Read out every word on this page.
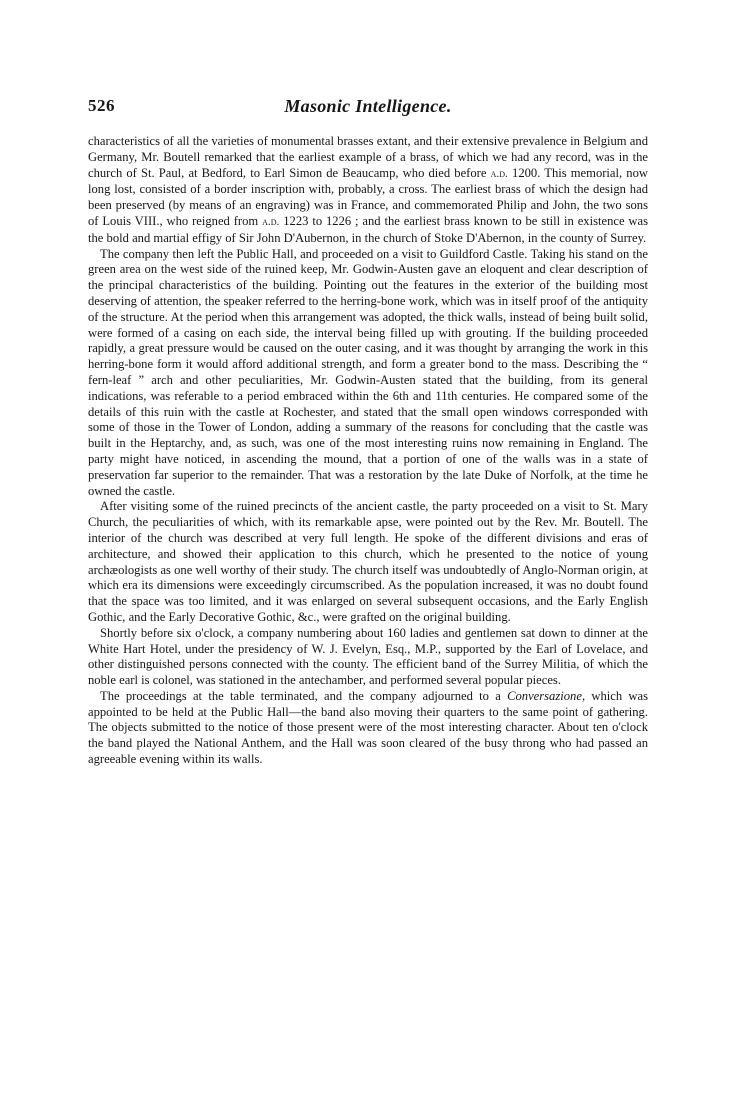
526	Masonic Intelligence.

characteristics of all the varieties of monumental brasses extant, and their extensive prevalence in Belgium and Germany, Mr. Boutell remarked that the earliest example of a brass, of which we had any record, was in the church of St. Paul, at Bedford, to Earl Simon de Beaucamp, who died before a.d. 1200. This memorial, now long lost, consisted of a border inscription with, probably, a cross. The earliest brass of which the design had been preserved (by means of an engraving) was in France, and commemorated Philip and John, the two sons of Louis VIII., who reigned from a.d. 1223 to 1226 ; and the earliest brass known to be still in existence was the bold and martial effigy of Sir John D'Aubernon, in the church of Stoke D'Abernon, in the county of Surrey.

The company then left the Public Hall, and proceeded on a visit to Guildford Castle. Taking his stand on the green area on the west side of the ruined keep, Mr. Godwin-Austen gave an eloquent and clear description of the principal characteristics of the building. Pointing out the features in the exterior of the building most deserving of attention, the speaker referred to the herring-bone work, which was in itself proof of the antiquity of the structure. At the period when this arrangement was adopted, the thick walls, instead of being built solid, were formed of a casing on each side, the interval being filled up with grouting. If the building proceeded rapidly, a great pressure would be caused on the outer casing, and it was thought by arranging the work in this herring-bone form it would afford additional strength, and form a greater bond to the mass. Describing the “ fern-leaf ” arch and other peculiarities, Mr. Godwin-Austen stated that the building, from its general indications, was referable to a period embraced within the 6th and 11th centuries. He compared some of the details of this ruin with the castle at Rochester, and stated that the small open windows corresponded with some of those in the Tower of London, adding a summary of the reasons for concluding that the castle was built in the Heptarchy, and, as such, was one of the most interesting ruins now remaining in England. The party might have noticed, in ascending the mound, that a portion of one of the walls was in a state of preservation far superior to the remainder. That was a restoration by the late Duke of Norfolk, at the time he owned the castle.

After visiting some of the ruined precincts of the ancient castle, the party proceeded on a visit to St. Mary Church, the peculiarities of which, with its remarkable apse, were pointed out by the Rev. Mr. Boutell. The interior of the church was described at very full length. He spoke of the different divisions and eras of architecture, and showed their application to this church, which he presented to the notice of young archæologists as one well worthy of their study. The church itself was undoubtedly of Anglo-Norman origin, at which era its dimensions were exceedingly circumscribed. As the population increased, it was no doubt found that the space was too limited, and it was enlarged on several subsequent occasions, and the Early English Gothic, and the Early Decorative Gothic, &c., were grafted on the original building.

Shortly before six o'clock, a company numbering about 160 ladies and gentlemen sat down to dinner at the White Hart Hotel, under the presidency of W. J. Evelyn, Esq., M.P., supported by the Earl of Lovelace, and other distinguished persons connected with the county. The efficient band of the Surrey Militia, of which the noble earl is colonel, was stationed in the antechamber, and performed several popular pieces.

The proceedings at the table terminated, and the company adjourned to a Conversazione, which was appointed to be held at the Public Hall—the band also moving their quarters to the same point of gathering. The objects submitted to the notice of those present were of the most interesting character. About ten o'clock the band played the National Anthem, and the Hall was soon cleared of the busy throng who had passed an agreeable evening within its walls.
